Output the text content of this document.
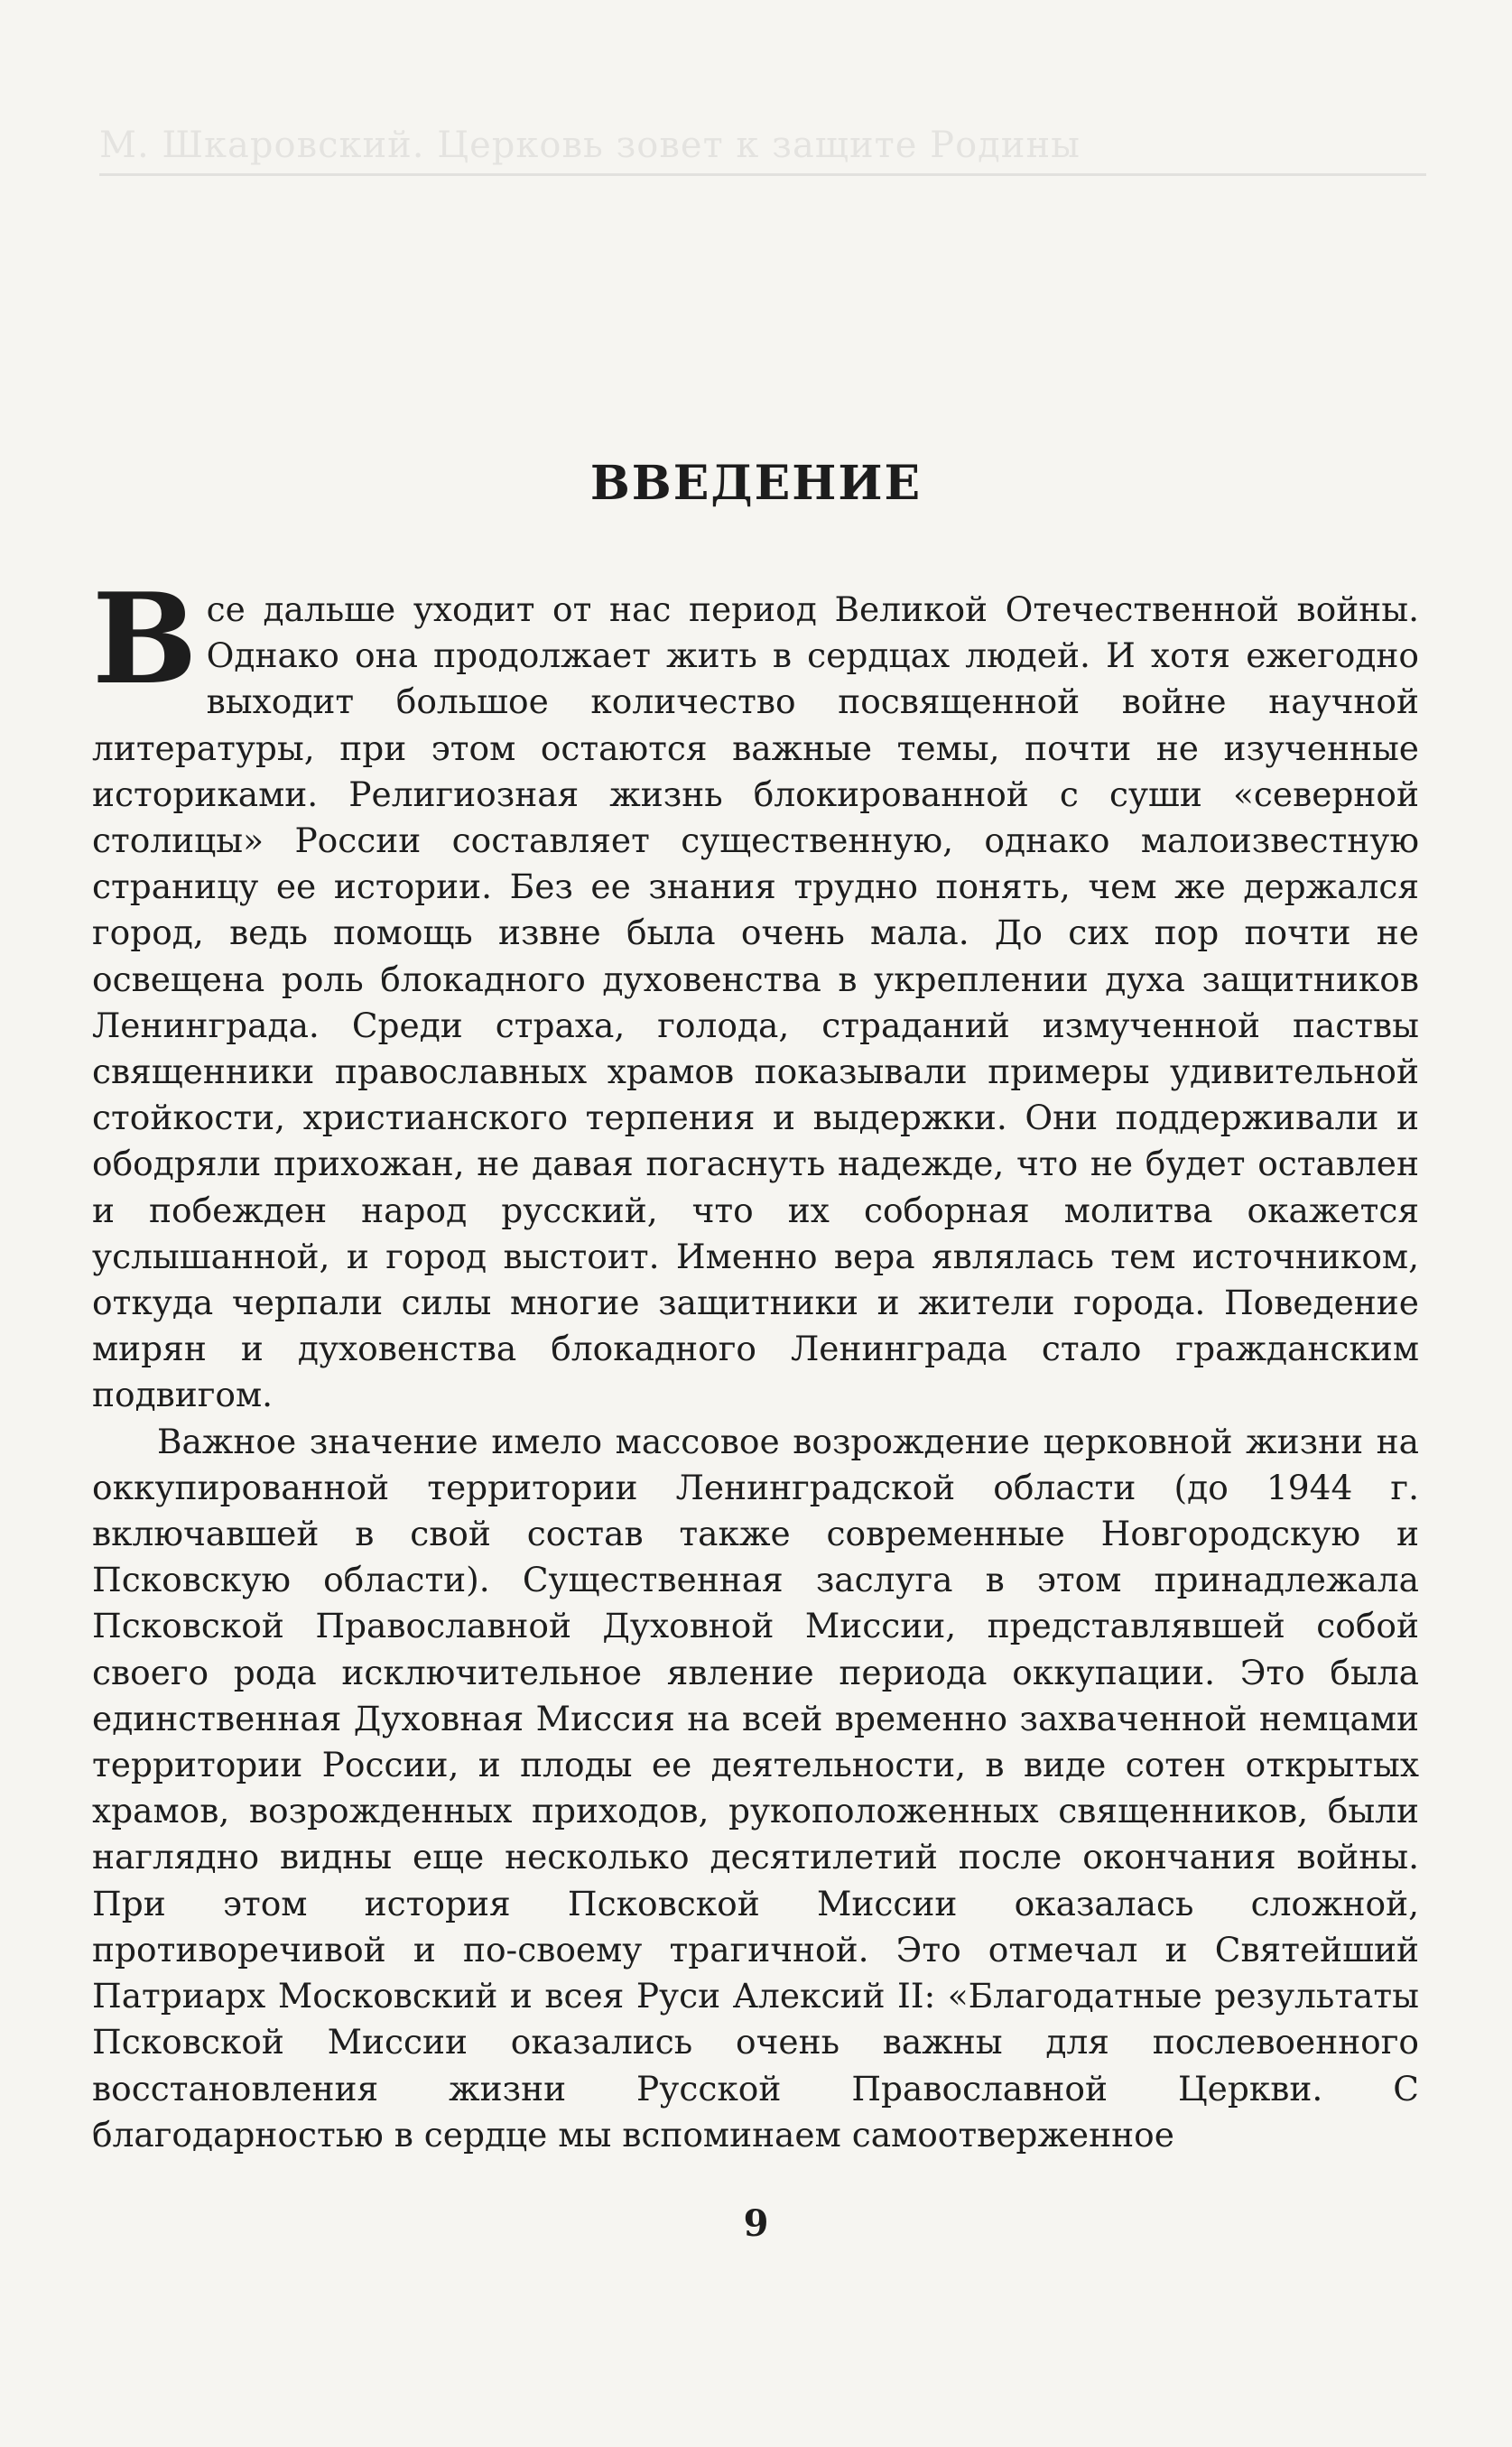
М. Шкаровский. Церковь зовет к защите Родины
ВВЕДЕНИЕ

Все дальше уходит от нас период Великой Отечественной войны. Однако она продолжает жить в сердцах людей. И хотя ежегодно выходит большое количество посвященной войне научной литературы, при этом остаются важные темы, почти не изученные историками. Религиозная жизнь блокированной с суши «северной столицы» России составляет существенную, однако малоизвестную страницу ее истории. Без ее знания трудно понять, чем же держался город, ведь помощь извне была очень мала. До сих пор почти не освещена роль блокадного духовенства в укреплении духа защитников Ленинграда. Среди страха, голода, страданий измученной паствы священники православных храмов показывали примеры удивительной стойкости, христианского терпения и выдержки. Они поддерживали и ободряли прихожан, не давая погаснуть надежде, что не будет оставлен и побежден народ русский, что их соборная молитва окажется услышанной, и город выстоит. Именно вера являлась тем источником, откуда черпали силы многие защитники и жители города. Поведение мирян и духовенства блокадного Ленинграда стало гражданским подвигом.

Важное значение имело массовое возрождение церковной жизни на оккупированной территории Ленинградской области (до 1944 г. включавшей в свой состав также современные Новгородскую и Псковскую области). Существенная заслуга в этом принадлежала Псковской Православной Духовной Миссии, представлявшей собой своего рода исключительное явление периода оккупации. Это была единственная Духовная Миссия на всей временно захваченной немцами территории России, и плоды ее деятельности, в виде сотен открытых храмов, возрожденных приходов, рукоположенных священников, были наглядно видны еще несколько десятилетий после окончания войны. При этом история Псковской Миссии оказалась сложной, противоречивой и по-своему трагичной. Это отмечал и Святейший Патриарх Московский и всея Руси Алексий II: «Благодатные результаты Псковской Миссии оказались очень важны для послевоенного восстановления жизни Русской Православной Церкви. С благодарностью в сердце мы вспоминаем самоотверженное

9
